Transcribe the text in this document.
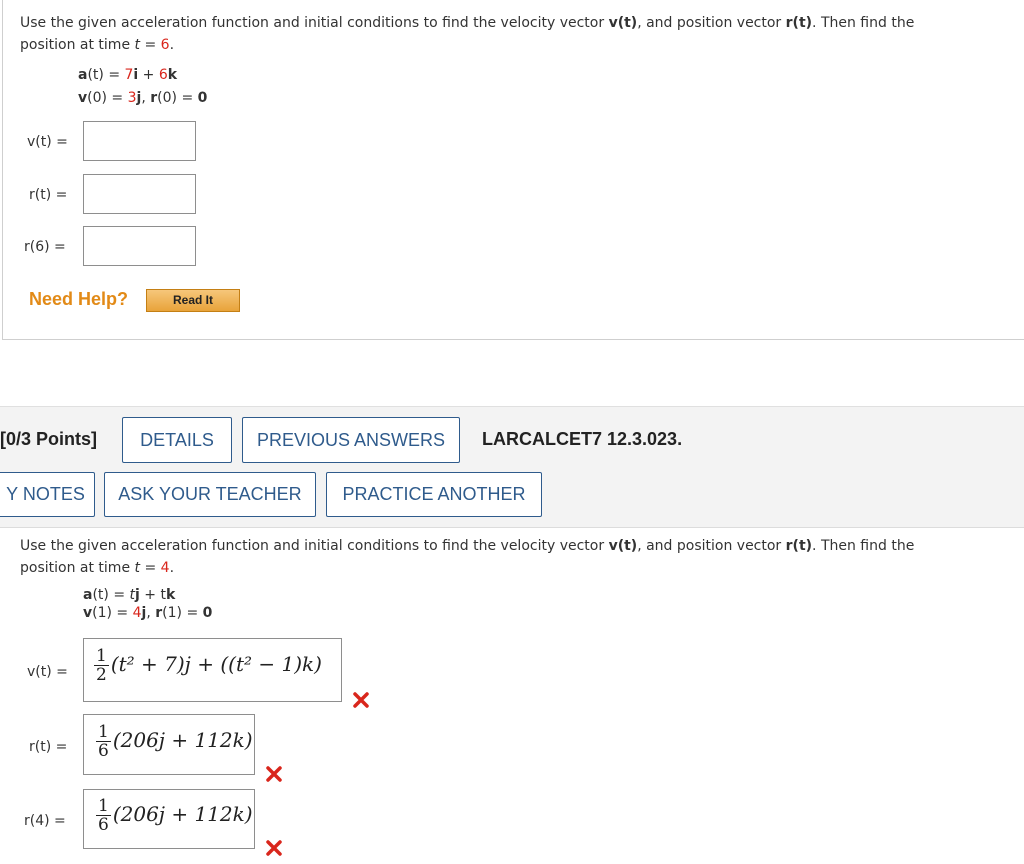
Use the given acceleration function and initial conditions to find the velocity vector v(t), and position vector r(t). Then find the
position at time t = 6.
a(t) = 7i + 6k
v(0) = 3j, r(0) = 0
v(t) =
r(t) =
r(6) =
Need Help?	Read It
[0/3 Points]	DETAILS	PREVIOUS ANSWERS	LARCALCET7 12.3.023.
Y NOTES	ASK YOUR TEACHER	PRACTICE ANOTHER
Use the given acceleration function and initial conditions to find the velocity vector v(t), and position vector r(t). Then find the
position at time t = 4.
a(t) = tj + tk
v(1) = 4j, r(1) = 0
$v(t) = \frac{1}{2} (t^2 + 7)j + ((t^2 - 1)k)$
$r(t) = \frac{1}{6} (206j + 112k)$
$r(4) = \frac{1}{6} (206j + 112k)$
